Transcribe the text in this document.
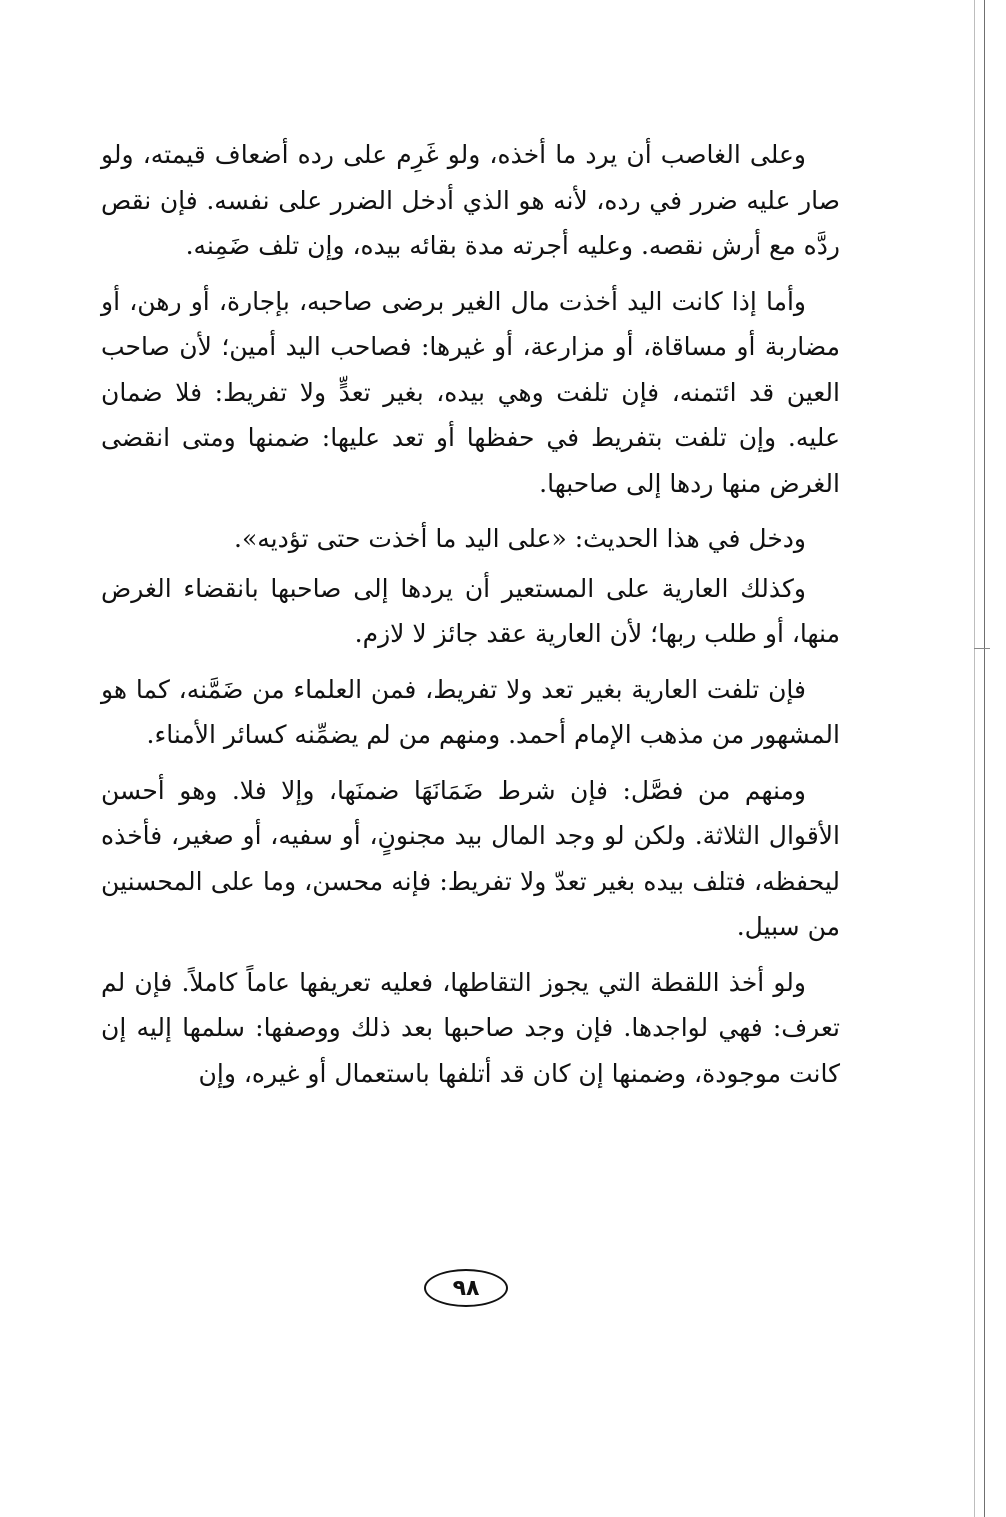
وعلى الغاصب أن يرد ما أخذه، ولو غَرِم على رده أضعاف قيمته، ولو صار عليه ضرر في رده، لأنه هو الذي أدخل الضرر على نفسه. فإن نقص ردَّه مع أرش نقصه. وعليه أجرته مدة بقائه بيده، وإن تلف ضَمِنه.

وأما إذا كانت اليد أخذت مال الغير برضى صاحبه، بإجارة، أو رهن، أو مضاربة أو مساقاة، أو مزارعة، أو غيرها: فصاحب اليد أمين؛ لأن صاحب العين قد ائتمنه، فإن تلفت وهي بيده، بغير تعدٍّ ولا تفريط: فلا ضمان عليه. وإن تلفت بتفريط في حفظها أو تعد عليها: ضمنها ومتى انقضى الغرض منها ردها إلى صاحبها.

ودخل في هذا الحديث: «على اليد ما أخذت حتى تؤديه».

وكذلك العارية على المستعير أن يردها إلى صاحبها بانقضاء الغرض منها، أو طلب ربها؛ لأن العارية عقد جائز لا لازم.

فإن تلفت العارية بغير تعد ولا تفريط، فمن العلماء من ضَمَّنه، كما هو المشهور من مذهب الإمام أحمد. ومنهم من لم يضمِّنه كسائر الأمناء.

ومنهم من فصَّل: فإن شرط ضَمَانَهَا ضمنَها، وإلا فلا. وهو أحسن الأقوال الثلاثة. ولكن لو وجد المال بيد مجنونٍ، أو سفيه، أو صغير، فأخذه ليحفظه، فتلف بيده بغير تعدّ ولا تفريط: فإنه محسن، وما على المحسنين من سبيل.

ولو أخذ اللقطة التي يجوز التقاطها، فعليه تعريفها عاماً كاملاً. فإن لم تعرف: فهي لواجدها. فإن وجد صاحبها بعد ذلك ووصفها: سلمها إليه إن كانت موجودة، وضمنها إن كان قد أتلفها باستعمال أو غيره، وإن

٩٨
